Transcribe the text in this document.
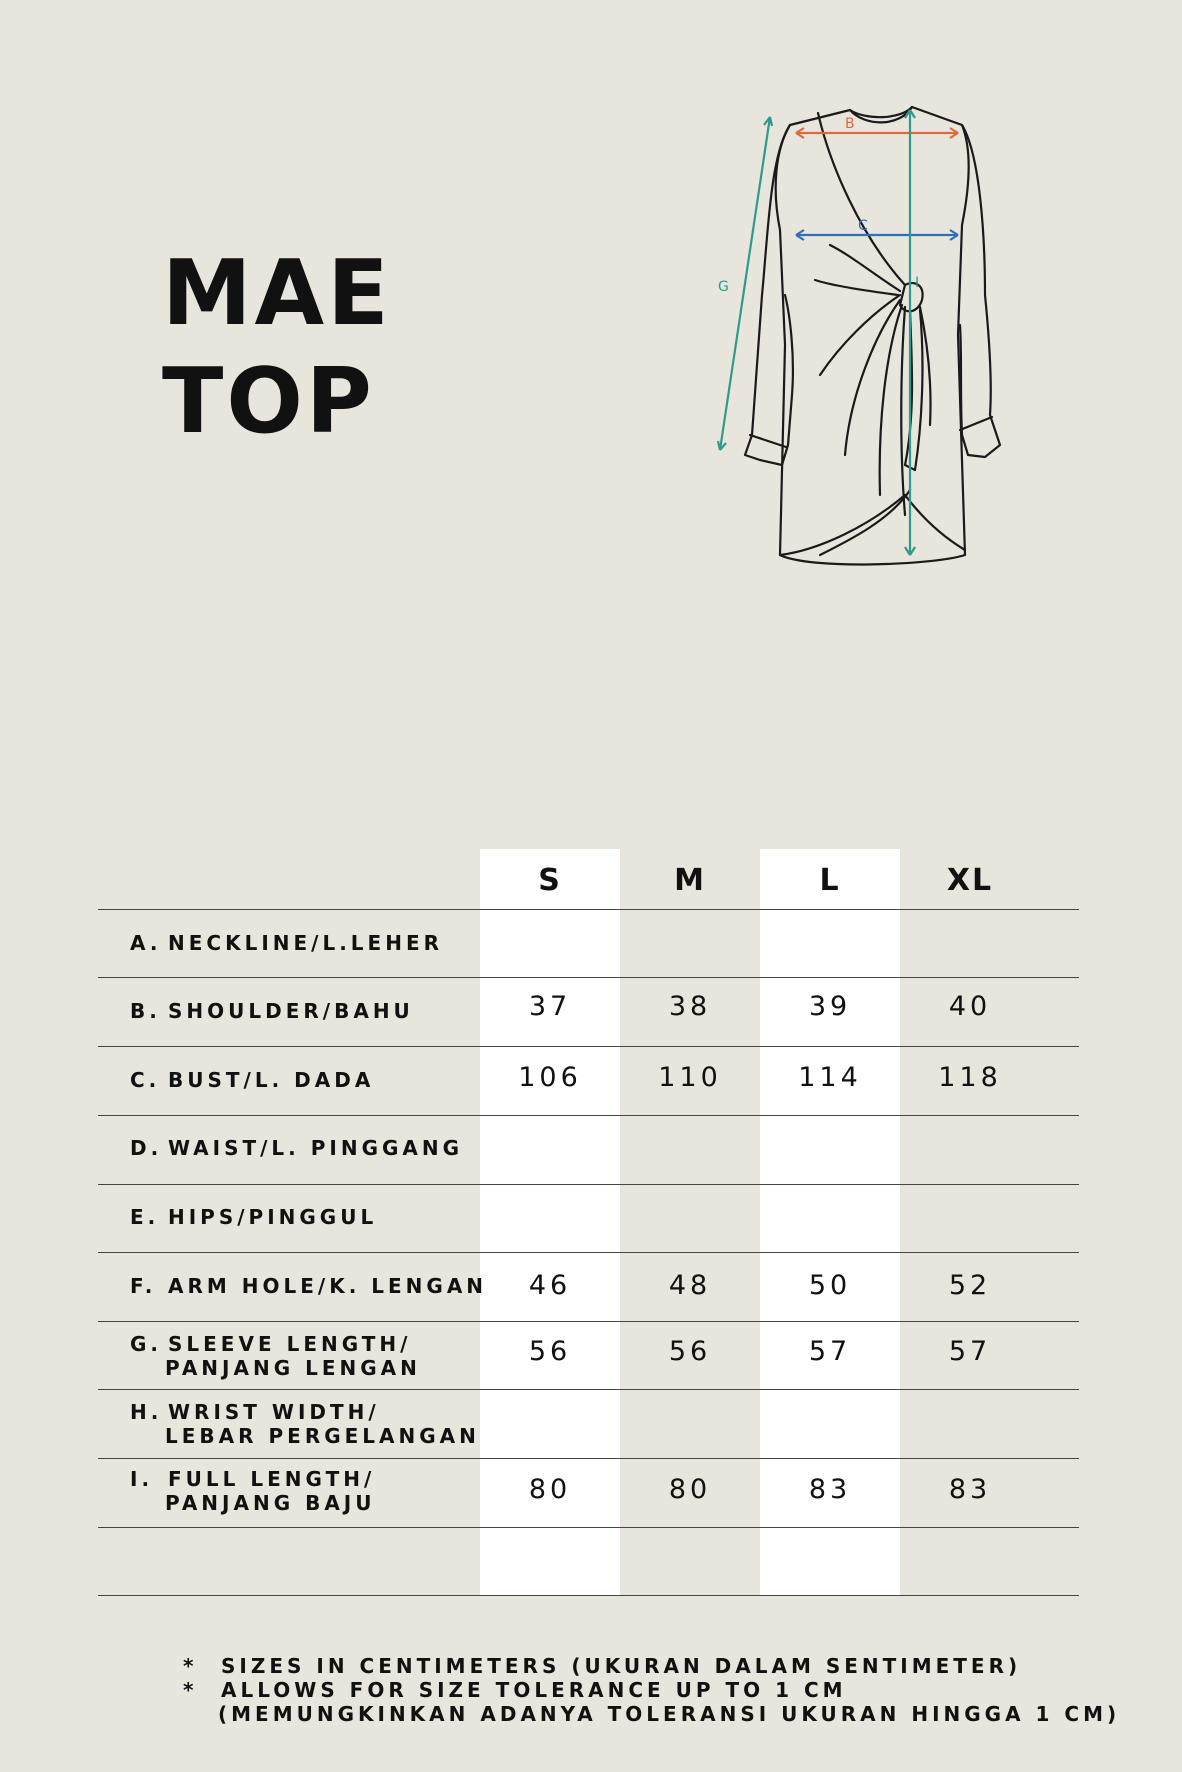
MAE
TOP
B
C
I
G
S	M	L	XL
A. NECKLINE/L.LEHER
B. SHOULDER/BAHU	37	38	39	40
C. BUST/L. DADA	106	110	114	118
D. WAIST/L. PINGGANG
E. HIPS/PINGGUL
F. ARM HOLE/K. LENGAN	46	48	50	52
G. SLEEVE LENGTH/
PANJANG LENGAN
56	56	57	57
H. WRIST WIDTH/
LEBAR PERGELANGAN
I. FULL LENGTH/
PANJANG BAJU	80	80	83	83
* SIZES IN CENTIMETERS (UKURAN DALAM SENTIMETER)
* ALLOWS FOR SIZE TOLERANCE UP TO 1 CM
(MEMUNGKINKAN ADANYA TOLERANSI UKURAN HINGGA 1 CM)
